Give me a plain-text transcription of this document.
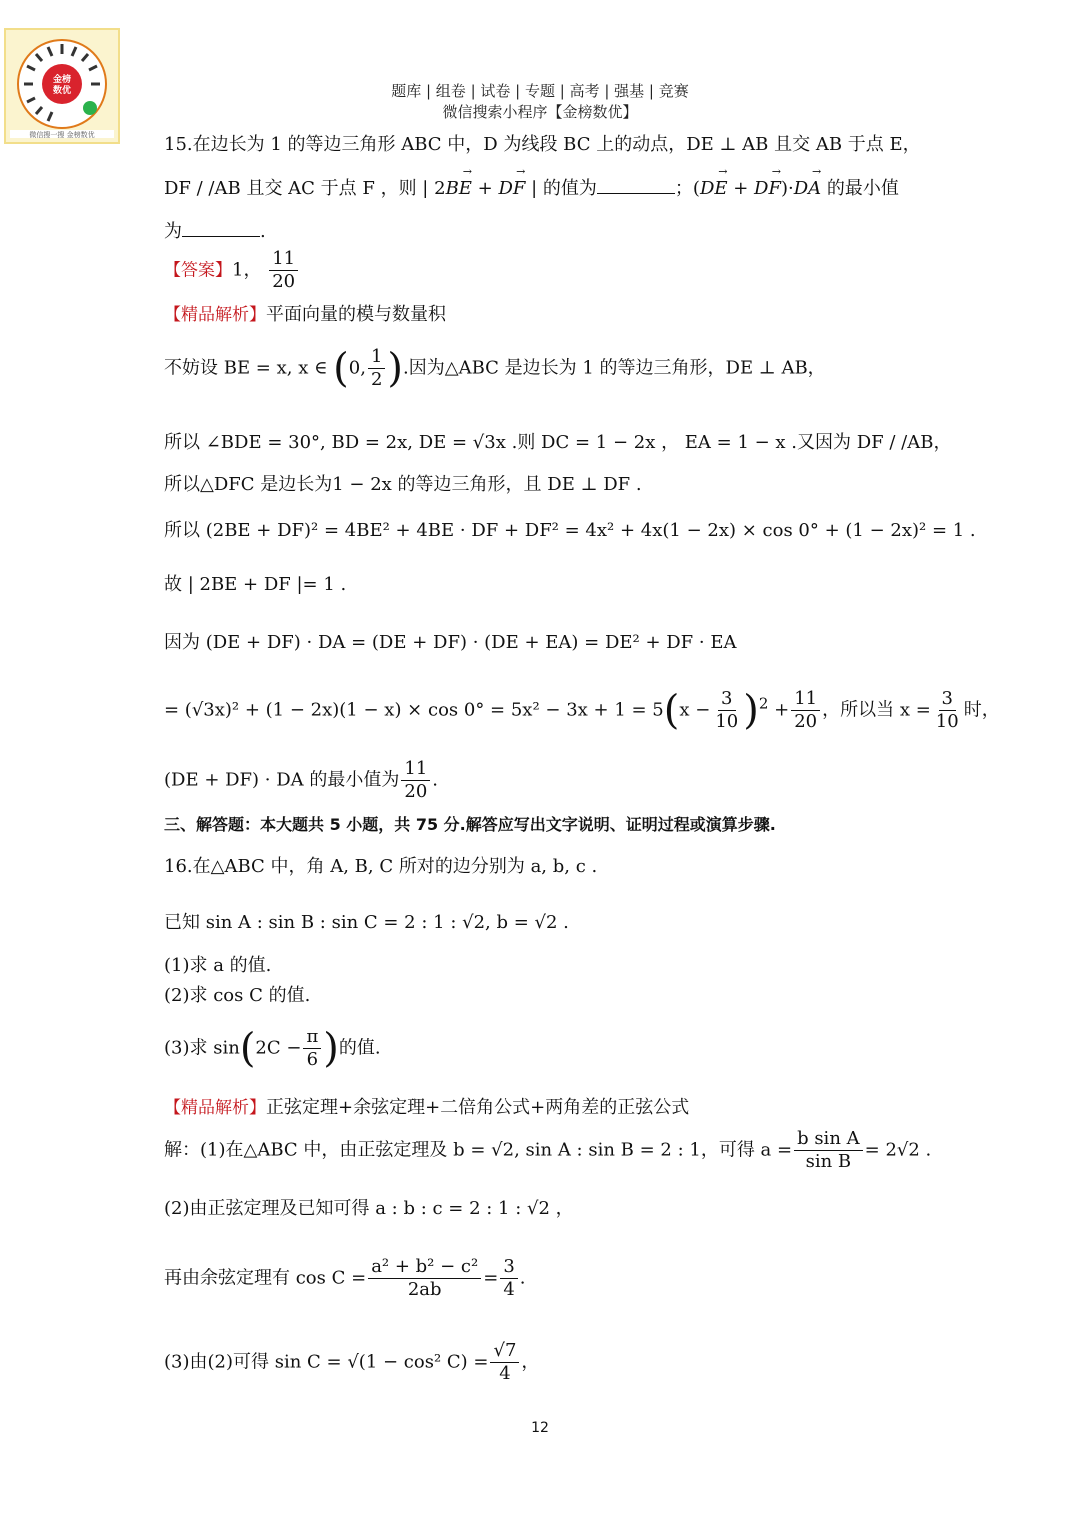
金榜
数优
微信搜一搜 金榜数优
题库 | 组卷 | 试卷 | 专题 | 高考 | 强基 | 竞赛
微信搜索小程序【金榜数优】
15.在边长为 1 的等边三角形 ABC 中，D 为线段 BC 上的动点，DE ⊥ AB 且交 AB 于点 E，
DF / /AB 且交 AC 于点 F ，则 | 2BE → + DF → | 的值为	；(DE → + DF →)·DA → 的最小值
为	.
【答案】1， $\frac{11}{20}$
【精品解析】平面向量的模与数量积
不妨设 BE = x, x ∈ (0, $\frac{1}{2}$ ).因为△ABC 是边长为 1 的等边三角形，DE ⊥ AB，
所以 ∠BDE = 30°, BD = 2x, DE = √3x .则 DC = 1 − 2x ， EA = 1 − x .又因为 DF / /AB，
所以△DFC 是边长为1 − 2x 的等边三角形，且 DE ⊥ DF .
所以 (2BE + DF)² = 4BE² + 4BE · DF + DF² = 4x² + 4x(1 − 2x) × cos 0° + (1 − 2x)² = 1 .
故 | 2BE + DF |= 1 .
因为 (DE + DF) · DA = (DE + DF) · (DE + EA) = DE² + DF · EA
= $(√3x)^2 + (1 - 2x)(1 - x) \times \cos 0^\circ = 5x^2 - 3x + 1 = 5(x - \frac{3}{10} )^2 + \frac{11}{20}$ ，所以当 $x = \frac{3}{10}$ 时，
(DE + DF) · DA 的最小值为 $\frac{11}{20}$ .
三、解答题：本大题共 5 小题，共 75 分.解答应写出文字说明、证明过程或演算步骤.
16.在△ABC 中，角 A, B, C 所对的边分别为 a, b, c .
已知 sin A : sin B : sin C = 2 : 1 : √2, b = √2 .
(1)求 a 的值.
(2)求 cos C 的值.
(3)求 $\sin(2C - \frac{\pi}{6}$ )的值.
【精品解析】正弦定理+余弦定理+二倍角公式+两角差的正弦公式
解：(1)在△ABC 中，由正弦定理及 b = √2, sin A : sin B = 2 : 1，可得 $a = \frac{\text{b sin A}}{\text{sin B}} = 2√2$ .
(2)由正弦定理及已知可得 a : b : c = 2 : 1 : √2 ，
再由余弦定理有 $\cos C = \frac{\text{a² + b² − c²}}{2ab} = \frac{3}{4}$ .
(3)由(2)可得 sin C = √(1 − cos² $C) = \frac{√7}{4}$ ，
12
